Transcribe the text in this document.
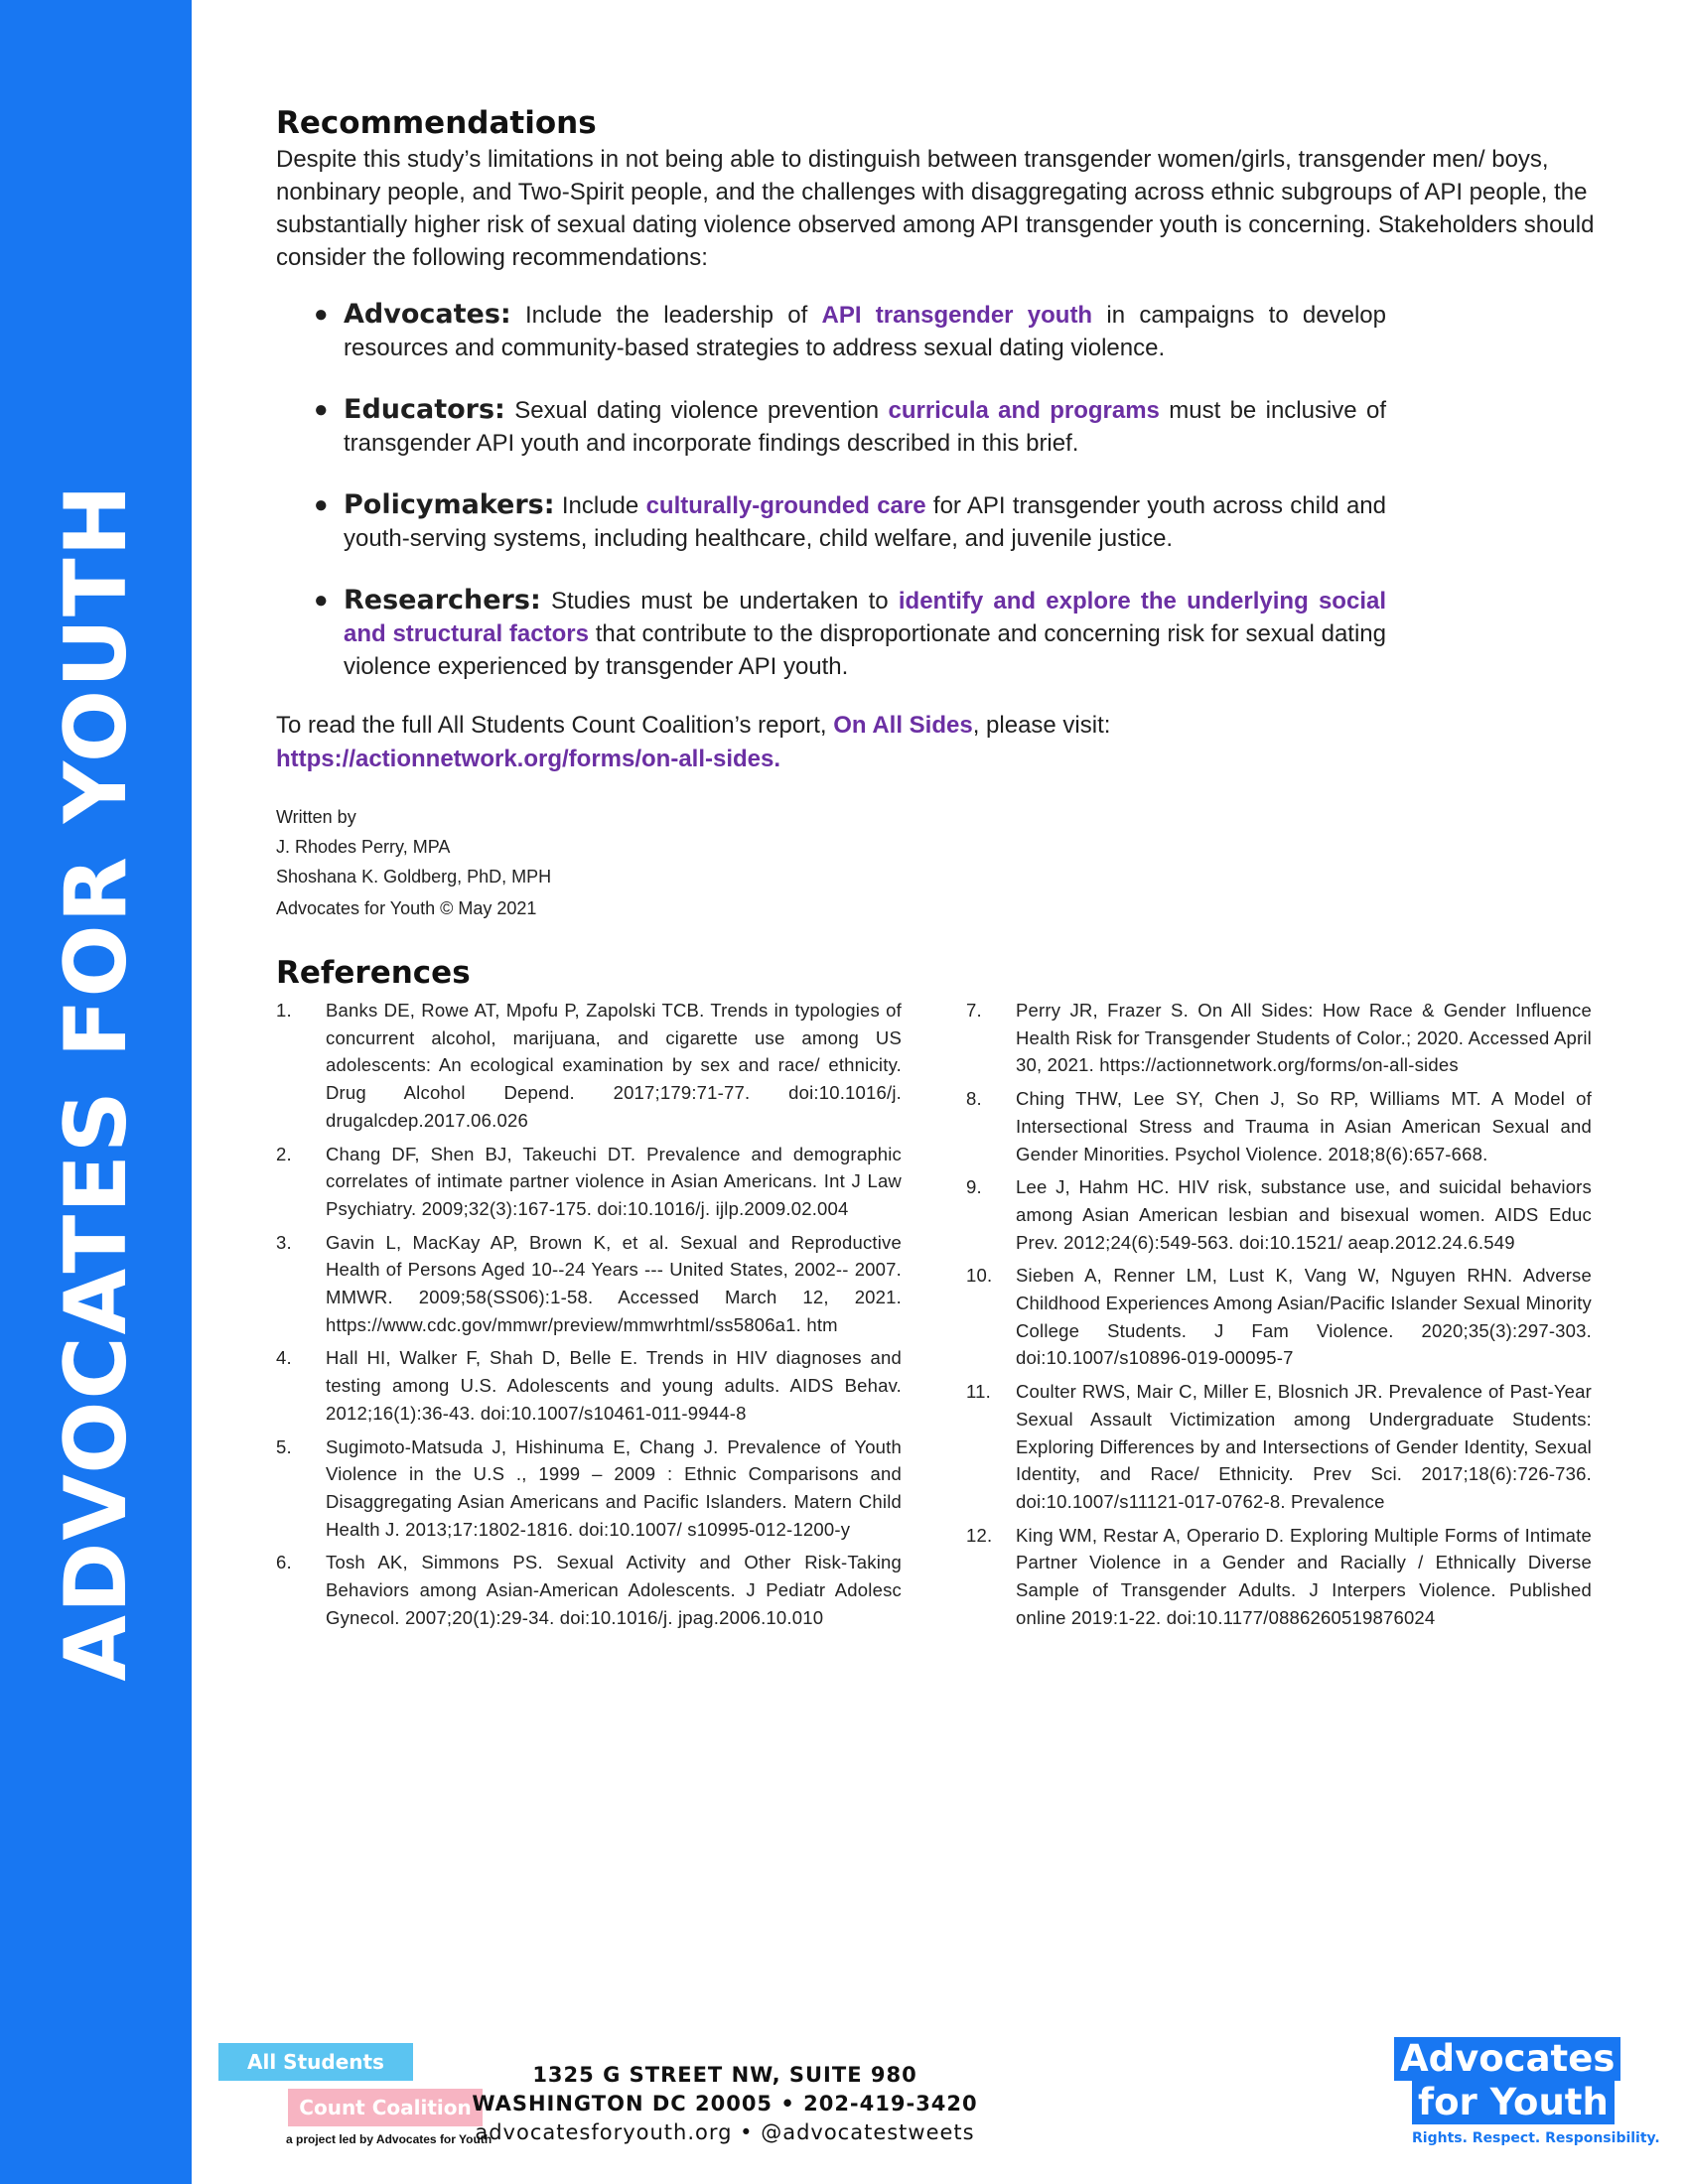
ADVOCATES FOR YOUTH
Recommendations

Despite this study’s limitations in not being able to distinguish between transgender women/girls, transgender men/ boys, nonbinary people, and Two-Spirit people, and the challenges with disaggregating across ethnic subgroups of API people, the substantially higher risk of sexual dating violence observed among API transgender youth is concerning. Stakeholders should consider the following recommendations:

● Advocates: Include the leadership of API transgender youth in campaigns to develop resources and community-based strategies to address sexual dating violence.
● Educators: Sexual dating violence prevention curricula and programs must be inclusive of transgender API youth and incorporate findings described in this brief.
● Policymakers: Include culturally-grounded care for API transgender youth across child and youth-serving systems, including healthcare, child welfare, and juvenile justice.
● Researchers: Studies must be undertaken to identify and explore the underlying social and structural factors that contribute to the disproportionate and concerning risk for sexual dating violence experienced by transgender API youth.
To read the full All Students Count Coalition’s report, On All Sides, please visit:
https://actionnetwork.org/forms/on-all-sides.
Written by
J. Rhodes Perry, MPA
Shoshana K. Goldberg, PhD, MPH
Advocates for Youth © May 2021
References
1. Banks DE, Rowe AT, Mpofu P, Zapolski TCB. Trends in typologies of concurrent alcohol, marijuana, and cigarette use among US adolescents: An ecological examination by sex and race/ ethnicity. Drug Alcohol Depend. 2017;179:71-77. doi:10.1016/j. drugalcdep.2017.06.026
2. Chang DF, Shen BJ, Takeuchi DT. Prevalence and demographic correlates of intimate partner violence in Asian Americans. Int J Law Psychiatry. 2009;32(3):167-175. doi:10.1016/j. ijlp.2009.02.004
3. Gavin L, MacKay AP, Brown K, et al. Sexual and Reproductive Health of Persons Aged 10--24 Years --- United States, 2002-- 2007. MMWR. 2009;58(SS06):1-58. Accessed March 12, 2021. https://www.cdc.gov/mmwr/preview/mmwrhtml/ss5806a1. htm
4. Hall HI, Walker F, Shah D, Belle E. Trends in HIV diagnoses and testing among U.S. Adolescents and young adults. AIDS Behav. 2012;16(1):36-43. doi:10.1007/s10461-011-9944-8
5. Sugimoto-Matsuda J, Hishinuma E, Chang J. Prevalence of Youth Violence in the U.S ., 1999 – 2009 : Ethnic Comparisons and Disaggregating Asian Americans and Pacific Islanders. Matern Child Health J. 2013;17:1802-1816. doi:10.1007/ s10995-012-1200-y
6. Tosh AK, Simmons PS. Sexual Activity and Other Risk-Taking Behaviors among Asian-American Adolescents. J Pediatr Adolesc Gynecol. 2007;20(1):29-34. doi:10.1016/j. jpag.2006.10.010
7. Perry JR, Frazer S. On All Sides: How Race & Gender Influence Health Risk for Transgender Students of Color.; 2020. Accessed April 30, 2021. https://actionnetwork.org/forms/on-all-sides
8. Ching THW, Lee SY, Chen J, So RP, Williams MT. A Model of Intersectional Stress and Trauma in Asian American Sexual and Gender Minorities. Psychol Violence. 2018;8(6):657-668.
9. Lee J, Hahm HC. HIV risk, substance use, and suicidal behaviors among Asian American lesbian and bisexual women. AIDS Educ Prev. 2012;24(6):549-563. doi:10.1521/ aeap.2012.24.6.549
10. Sieben A, Renner LM, Lust K, Vang W, Nguyen RHN. Adverse Childhood Experiences Among Asian/Pacific Islander Sexual Minority College Students. J Fam Violence. 2020;35(3):297-303. doi:10.1007/s10896-019-00095-7
11. Coulter RWS, Mair C, Miller E, Blosnich JR. Prevalence of Past-Year Sexual Assault Victimization among Undergraduate Students: Exploring Differences by and Intersections of Gender Identity, Sexual Identity, and Race/ Ethnicity. Prev Sci. 2017;18(6):726-736. doi:10.1007/s11121-017-0762-8. Prevalence
12. King WM, Restar A, Operario D. Exploring Multiple Forms of Intimate Partner Violence in a Gender and Racially / Ethnically Diverse Sample of Transgender Adults. J Interpers Violence. Published online 2019:1-22. doi:10.1177/0886260519876024
All Students
Count Coalition
a project led by Advocates for Youth
1325 G STREET NW, SUITE 980 WASHINGTON DC 20005 • 202-419-3420
advocatesforyouth.org • @advocatestweets
Advocates
for Youth
Rights. Respect. Responsibility.
